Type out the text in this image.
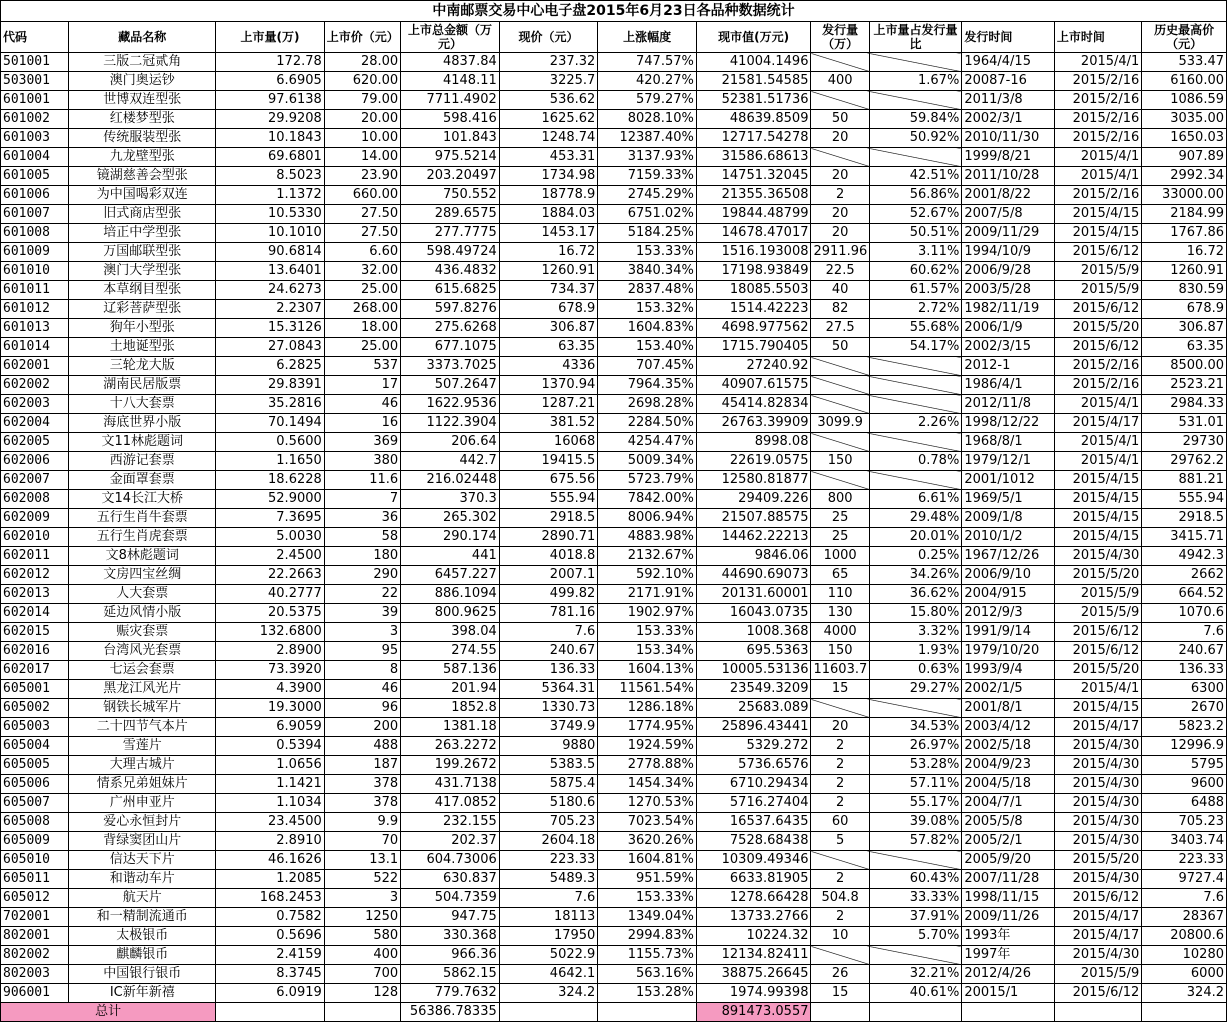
中南邮票交易中心电子盘2015年6月23日各品种数据统计												
代码	藏品名称	上市量(万)	上市价（元）	上市总金额（万元）	现价（元）	上涨幅度	现市值(万元)	发行量（万）	上市量占发行量比	发行时间	上市时间	历史最高价（元）
501001	三版二冠贰角	172.78	28.00	4837.84	237.32	747.57%	41004.1496			1964/4/15	2015/4/1	533.47
503001	澳门奥运钞	6.6905	620.00	4148.11	3225.7	420.27%	21581.54585	400	1.67%	20087-16	2015/2/16	6160.00
601001	世博双连型张	97.6138	79.00	7711.4902	536.62	579.27%	52381.51736			2011/3/8	2015/2/16	1086.59
601002	红楼梦型张	29.9208	20.00	598.416	1625.62	8028.10%	48639.8509	50	59.84%	2002/3/1	2015/2/16	3035.00
601003	传统服装型张	10.1843	10.00	101.843	1248.74	12387.40%	12717.54278	20	50.92%	2010/11/30	2015/2/16	1650.03
601004	九龙壁型张	69.6801	14.00	975.5214	453.31	3137.93%	31586.68613			1999/8/21	2015/4/1	907.89
601005	镜湖慈善会型张	8.5023	23.90	203.20497	1734.98	7159.33%	14751.32045	20	42.51%	2011/10/28	2015/4/1	2992.34
601006	为中国喝彩双连	1.1372	660.00	750.552	18778.9	2745.29%	21355.36508	2	56.86%	2001/8/22	2015/2/16	33000.00
601007	旧式商店型张	10.5330	27.50	289.6575	1884.03	6751.02%	19844.48799	20	52.67%	2007/5/8	2015/4/15	2184.99
601008	培正中学型张	10.1010	27.50	277.7775	1453.17	5184.25%	14678.47017	20	50.51%	2009/11/29	2015/4/15	1767.86
601009	万国邮联型张	90.6814	6.60	598.49724	16.72	153.33%	1516.193008	2911.96	3.11%	1994/10/9	2015/6/12	16.72
601010	澳门大学型张	13.6401	32.00	436.4832	1260.91	3840.34%	17198.93849	22.5	60.62%	2006/9/28	2015/5/9	1260.91
601011	本草纲目型张	24.6273	25.00	615.6825	734.37	2837.48%	18085.5503	40	61.57%	2003/5/28	2015/5/9	830.59
601012	辽彩菩萨型张	2.2307	268.00	597.8276	678.9	153.32%	1514.42223	82	2.72%	1982/11/19	2015/6/12	678.9
601013	狗年小型张	15.3126	18.00	275.6268	306.87	1604.83%	4698.977562	27.5	55.68%	2006/1/9	2015/5/20	306.87
601014	土地诞型张	27.0843	25.00	677.1075	63.35	153.40%	1715.790405	50	54.17%	2002/3/15	2015/6/12	63.35
602001	三轮龙大版	6.2825	537	3373.7025	4336	707.45%	27240.92			2012-1	2015/2/16	8500.00
602002	湖南民居版票	29.8391	17	507.2647	1370.94	7964.35%	40907.61575			1986/4/1	2015/2/16	2523.21
602003	十八大套票	35.2816	46	1622.9536	1287.21	2698.28%	45414.82834			2012/11/8	2015/4/1	2984.33
602004	海底世界小版	70.1494	16	1122.3904	381.52	2284.50%	26763.39909	3099.9	2.26%	1998/12/22	2015/4/17	531.01
602005	文11林彪题词	0.5600	369	206.64	16068	4254.47%	8998.08			1968/8/1	2015/4/1	29730
602006	西游记套票	1.1650	380	442.7	19415.5	5009.34%	22619.0575	150	0.78%	1979/12/1	2015/4/1	29762.2
602007	金面罩套票	18.6228	11.6	216.02448	675.56	5723.79%	12580.81877			2001/1012	2015/4/15	881.21
602008	文14长江大桥	52.9000	7	370.3	555.94	7842.00%	29409.226	800	6.61%	1969/5/1	2015/4/15	555.94
602009	五行生肖牛套票	7.3695	36	265.302	2918.5	8006.94%	21507.88575	25	29.48%	2009/1/8	2015/4/15	2918.5
602010	五行生肖虎套票	5.0030	58	290.174	2890.71	4883.98%	14462.22213	25	20.01%	2010/1/2	2015/4/15	3415.71
602011	文8林彪题词	2.4500	180	441	4018.8	2132.67%	9846.06	1000	0.25%	1967/12/26	2015/4/30	4942.3
602012	文房四宝丝绸	22.2663	290	6457.227	2007.1	592.10%	44690.69073	65	34.26%	2006/9/10	2015/5/20	2662
602013	人大套票	40.2777	22	886.1094	499.82	2171.91%	20131.60001	110	36.62%	2004/915	2015/5/9	664.52
602014	延边风情小版	20.5375	39	800.9625	781.16	1902.97%	16043.0735	130	15.80%	2012/9/3	2015/5/9	1070.6
602015	赈灾套票	132.6800	3	398.04	7.6	153.33%	1008.368	4000	3.32%	1991/9/14	2015/6/12	7.6
602016	台湾风光套票	2.8900	95	274.55	240.67	153.34%	695.5363	150	1.93%	1979/10/20	2015/6/12	240.67
602017	七运会套票	73.3920	8	587.136	136.33	1604.13%	10005.53136	11603.7	0.63%	1993/9/4	2015/5/20	136.33
605001	黑龙江风光片	4.3900	46	201.94	5364.31	11561.54%	23549.3209	15	29.27%	2002/1/5	2015/4/1	6300
605002	钢铁长城军片	19.3000	96	1852.8	1330.73	1286.18%	25683.089			2001/8/1	2015/4/15	2670
605003	二十四节气本片	6.9059	200	1381.18	3749.9	1774.95%	25896.43441	20	34.53%	2003/4/12	2015/4/17	5823.2
605004	雪莲片	0.5394	488	263.2272	9880	1924.59%	5329.272	2	26.97%	2002/5/18	2015/4/30	12996.9
605005	大理古城片	1.0656	187	199.2672	5383.5	2778.88%	5736.6576	2	53.28%	2004/9/23	2015/4/30	5795
605006	情系兄弟姐妹片	1.1421	378	431.7138	5875.4	1454.34%	6710.29434	2	57.11%	2004/5/18	2015/4/30	9600
605007	广州申亚片	1.1034	378	417.0852	5180.6	1270.53%	5716.27404	2	55.17%	2004/7/1	2015/4/30	6488
605008	爱心永恒封片	23.4500	9.9	232.155	705.23	7023.54%	16537.6435	60	39.08%	2005/5/8	2015/4/30	705.23
605009	背绿窦团山片	2.8910	70	202.37	2604.18	3620.26%	7528.68438	5	57.82%	2005/2/1	2015/4/30	3403.74
605010	信达天下片	46.1626	13.1	604.73006	223.33	1604.81%	10309.49346			2005/9/20	2015/5/20	223.33
605011	和谐动车片	1.2085	522	630.837	5489.3	951.59%	6633.81905	2	60.43%	2007/11/28	2015/4/30	9727.4
605012	航天片	168.2453	3	504.7359	7.6	153.33%	1278.66428	504.8	33.33%	1998/11/15	2015/6/12	7.6
702001	和一精制流通币	0.7582	1250	947.75	18113	1349.04%	13733.2766	2	37.91%	2009/11/26	2015/4/17	28367
802001	太极银币	0.5696	580	330.368	17950	2994.83%	10224.32	10	5.70%	1993年	2015/4/17	20800.6
802002	麒麟银币	2.4159	400	966.36	5022.9	1155.73%	12134.82411			1997年	2015/4/30	10280
802003	中国银行银币	8.3745	700	5862.15	4642.1	563.16%	38875.26645	26	32.21%	2012/4/26	2015/5/9	6000
906001	IC新年新禧	6.0919	128	779.7632	324.2	153.28%	1974.99398	15	40.61%	20015/1	2015/6/12	324.2
总计				56386.78335			891473.0557					
